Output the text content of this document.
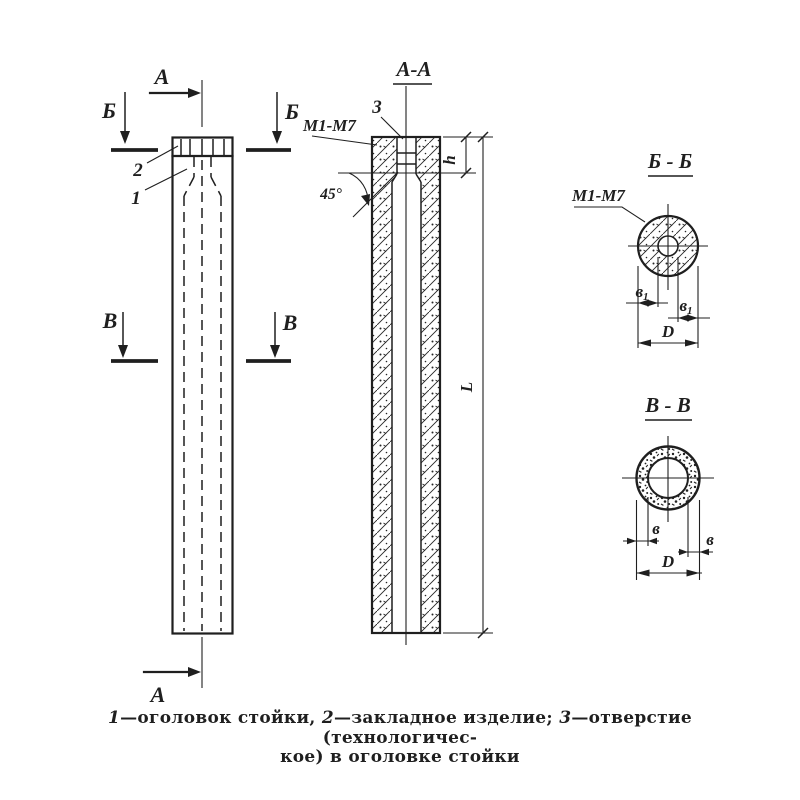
А
Б	Б
2
1
В	В
А
А-А
3
М1-М7
45°
h
L
Б - Б
М1-М7
в1 в1
D
В - В
в
в
D
1—оголовок стойки, 2—закладное изделие; 3—отверстие (технологичес-
кое) в оголовке стойки
